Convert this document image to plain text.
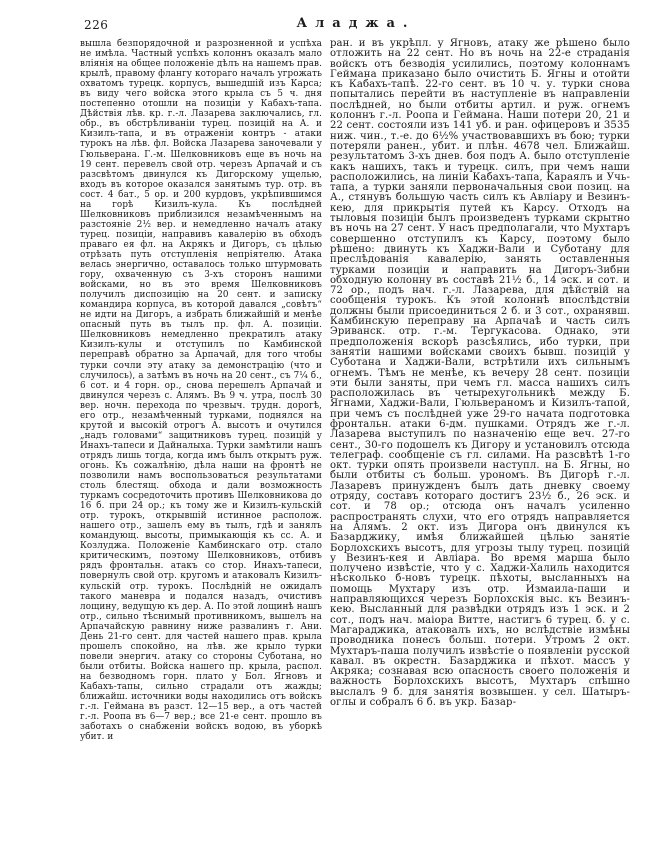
226	Аладжа.
вышла безпорядочной и разрозненной и успѣха не имѣла. Частный успѣхъ колоннъ оказалъ мало вліянія на общее положеніе дѣлъ на нашемъ прав. крылѣ, правому флангу котораго началъ угрожать охватомъ турецк. корпусъ, вышедшій изъ Карса; въ виду чего войска этого крыла съ 5 ч. дня постепенно отошли на позиціи у Кабахъ-тапа. Дѣйствія лѣв. кр. г.-л. Лазарева заключались, гл. обр., въ обстрѣливаніи турец. позицій на А. и Кизилъ-тапа, и въ отраженіи контръ - атаки турокъ на лѣв. фл. Войска Лазарева заночевали у Гюльверана. Г.-м. Шелковниковъ еще въ ночь на 19 сент. перевелъ свой отр. черезъ Арпачай и съ разсвѣтомъ двинулся къ Дигорскому ущелью, входъ въ которое оказался занятымъ тур. отр. въ сост. 4 бат., 5 ор. и 200 курдовъ, укрѣпившимся на горѣ Кизилъ-кула. Къ послѣдней Шелковниковъ приблизился незамѣченнымъ на разстояніе 2½ вер. и немедленно началъ атаку турец. позиціи, направивъ кавалерію въ обходъ праваго ея фл. на Акрякъ и Дигоръ, съ цѣлью отрѣзать путь отступленія непріятелю. Атака велась энергично, оставалось только штурмовать гору, охваченную съ 3-хъ сторонъ нашими войсками, но въ это время Шелковниковъ получилъ диспозицію на 20 сент. и записку командира корпуса, въ которой давался „совѣтъ“ не идти на Дигоръ, а избрать ближайшій и менѣе опасный путь въ тылъ пр. фл. А. позиціи. Шелковниковъ немедленно прекратилъ атаку Кизилъ-кулы и отступилъ по Камбинской переправѣ обратно за Арпачай, для того чтобы турки сочли эту атаку за демонстрацію (что и случилось), а затѣмъ въ ночь на 20 сент., съ 7¼ б., 6 сот. и 4 горн. ор., снова перешелъ Арпачай и двинулся черезъ с. Алямъ. Въ 9 ч. утра, послѣ 30 вер. ночн. перехода по чрезвыч. трудн. дорогѣ, его отр., незамѣченный турками, поднялся на крутой и высокій отрогъ А. высотъ и очутился „надъ головами“ защитниковъ турец. позицій у Инахъ-тапеси и Дайналыха. Турки замѣтили нашъ отрядъ лишь тогда, когда имъ былъ открытъ руж. огонь. Къ сожалѣнію, дѣла наши на фронтѣ не позволили намъ воспользоваться результатами столь блестящ. обхода и дали возможность туркамъ сосредоточить противъ Шелковникова до 16 б. при 24 ор.; къ тому же и Кизилъ-кульскій отр. турокъ, открывшій истинное располож. нашего отр., зашелъ ему въ тылъ, гдѣ и занялъ командующ. высоты, примыкающія къ сс. А. и Козлуджа. Положеніе Камбинскаго отр. стало критическимъ, поэтому Шелковниковъ, отбивъ рядъ фронтальн. атакъ со стор. Инахъ-тапеси, повернулъ свой отр. кругомъ и атаковалъ Кизилъ-кульскій отр. турокъ. Послѣдній не ожидалъ такого маневра и подался назадъ, очистивъ лощину, ведущую къ дер. А. По этой лощинѣ нашъ отр., сильно тѣснимый противникомъ, вышелъ на Арпачайскую равнину ниже развалинъ г. Ани. День 21-го сент. для частей нашего прав. крыла прошелъ спокойно, на лѣв. же крыло турки повели энергич. атаку со стороны Суботана, но были отбиты. Войска нашего пр. крыла, распол. на безводномъ горн. плато у Бол. Ягновъ и Кабахъ-тапы, сильно страдали отъ жажды; ближайш. источники воды находились отъ войскъ г.-л. Геймана въ разст. 12—15 вер., а отъ частей г.-л. Роопа въ 6—7 вер.; все 21-е сент. прошло въ заботахъ о снабженіи войскъ водою, въ уборкѣ убит. и
ран. и въ укрѣпл. у Ягновъ, атаку же рѣшено было отложить на 22 сент. Но въ ночь на 22-е страданія войскъ отъ безводія усилились, поэтому колоннамъ Геймана приказано было очистить Б. Ягны и отойти къ Кабахъ-тапѣ. 22-го сент. въ 10 ч. у. турки снова попытались перейти въ наступленіе въ направленіи послѣдней, но были отбиты артил. и руж. огнемъ колоннъ г.-л. Роопа и Геймана. Наши потери 20, 21 и 22 сент. состояли изъ 141 уб. и ран. офицеровъ и 3535 ниж. чин., т.-е. до 6½% участвовавшихъ въ бою; турки потеряли ранен., убит. и плѣн. 4678 чел. Ближайш. результатомъ 3-хъ днев. боя подъ А. было отступленіе какъ нашихъ, такъ и турецк. силъ, при чемъ наши расположились, на линіи Кабахъ-тапа, Караялъ и Учь-тапа, а турки заняли первоначальныя свои позиц. на А., стянувъ большую часть силъ къ Авліару и Везинъ-кею, для прикрытія путей къ Карсу. Отходъ на тыловыя позиціи былъ произведенъ турками скрытно въ ночь на 27 сент. У насъ предполагали, что Мухтаръ совершенно отступилъ къ Карсу, поэтому было рѣшено: двинуть къ Хаджи-Вали и Суботану для преслѣдованія кавалерію, занять оставленныя турками позиціи и направить на Дигоръ-Зибни обходную колонну въ составѣ 21½ б., 14 эск. и сот. и 72 ор., подъ нач. г.-л. Лазарева, для дѣйствій на сообщенія турокъ. Къ этой колоннѣ впослѣдствіи должны были присоединиться 2 б. и 3 сот., охранявш. Камбинскую переправу на Арпачаѣ и часть силъ Эриванск. отр. г.-м. Тергукасова. Однако, эти предположенія вскорѣ разсѣялись, ибо турки, при занятіи нашими войсками своихъ бывш. позицій у Суботана и Хаджи-Вали, встрѣтили ихъ сильнымъ огнемъ. Тѣмъ не менѣе, къ вечеру 28 сент. позиціи эти были заняты, при чемъ гл. масса нашихъ силъ расположилась въ четырехугольникѣ между Б. Ягнами, Хаджи-Вали, Гюльвераномъ и Кизилъ-тапой, при чемъ съ послѣдней уже 29-го начата подготовка фронтальн. атаки 6-дм. пушками. Отрядъ же г.-л. Лазарева выступилъ по назначенію еще веч. 27-го сент., 30-го подошелъ къ Дигору и установилъ отсюда телеграф. сообщеніе съ гл. силами. На разсвѣтѣ 1-го окт. турки опять произвели наступл. на Б. Ягны, но были отбиты съ больш. урономъ. Въ Дигорѣ г.-л. Лазаревъ принужденъ былъ дать дневку своему отряду, составъ котораго достигъ 23½ б., 26 эск. и сот. и 78 ор.; отсюда онъ началъ усиленно распространять слухи, что его отрядъ направляется на Алямъ. 2 окт. изъ Дигора онъ двинулся къ Базарджику, имѣя ближайшей цѣлью занятіе Борлохскихъ высотъ, для угрозы тылу турец. позицій у Везинъ-кея и Авліара. Во время марша было получено извѣстіе, что у с. Хаджи-Халиль находится нѣсколько б-новъ турецк. пѣхоты, высланныхъ на помощь Мухтару изъ отр. Измаила-паши и направляющихся черезъ Борлохскія выс. къ Везинъ-кею. Высланный для развѣдки отрядъ изъ 1 эск. и 2 сот., подъ нач. маіора Витте, настигъ 6 турец. б. у с. Магараджика, атаковалъ ихъ, но вслѣдствіе измѣны проводника понесъ больш. потери. Утромъ 2 окт. Мухтаръ-паша получилъ извѣстіе о появленіи русской кавал. въ окрестн. Базарджика и пѣхот. массъ у Акряка; сознавая всю опасность своего положенія и важность Борлохскихъ высотъ, Мухтаръ спѣшно выслалъ 9 б. для занятія возвышен. у сел. Шатыръ-оглы и собралъ 6 б. въ укр. Базар-
